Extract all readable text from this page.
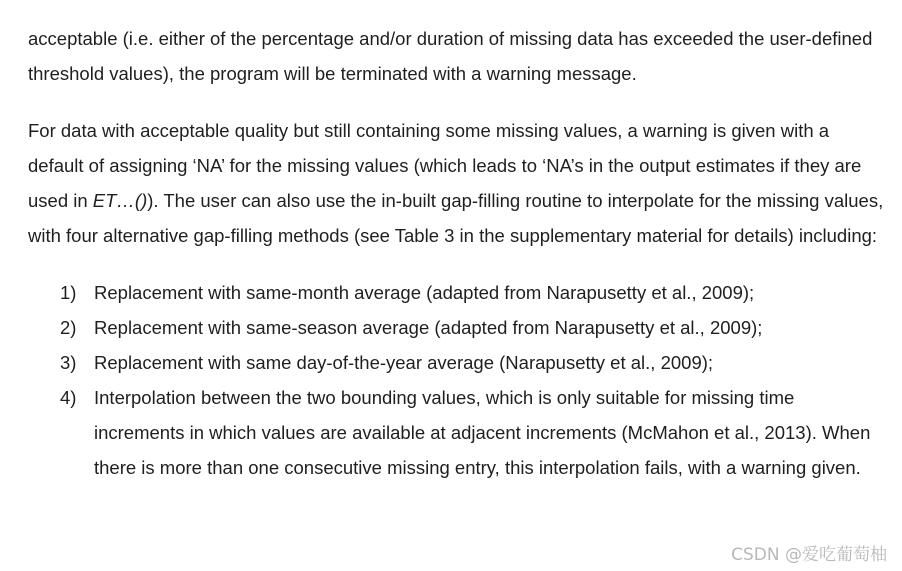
acceptable (i.e. either of the percentage and/or duration of missing data has exceeded the user-defined threshold values), the program will be terminated with a warning message.

For data with acceptable quality but still containing some missing values, a warning is given with a default of assigning ‘NA’ for the missing values (which leads to ‘NA’s in the output estimates if they are used in ET…()). The user can also use the in-built gap-filling routine to interpolate for the missing values, with four alternative gap-filling methods (see Table 3 in the supplementary material for details) including:

1) Replacement with same-month average (adapted from Narapusetty et al., 2009);
2) Replacement with same-season average (adapted from Narapusetty et al., 2009);
3) Replacement with same day-of-the-year average (Narapusetty et al., 2009);
4) Interpolation between the two bounding values, which is only suitable for missing time increments in which values are available at adjacent increments (McMahon et al., 2013). When there is more than one consecutive missing entry, this interpolation fails, with a warning given.
CSDN @爱吃葡萄柚
